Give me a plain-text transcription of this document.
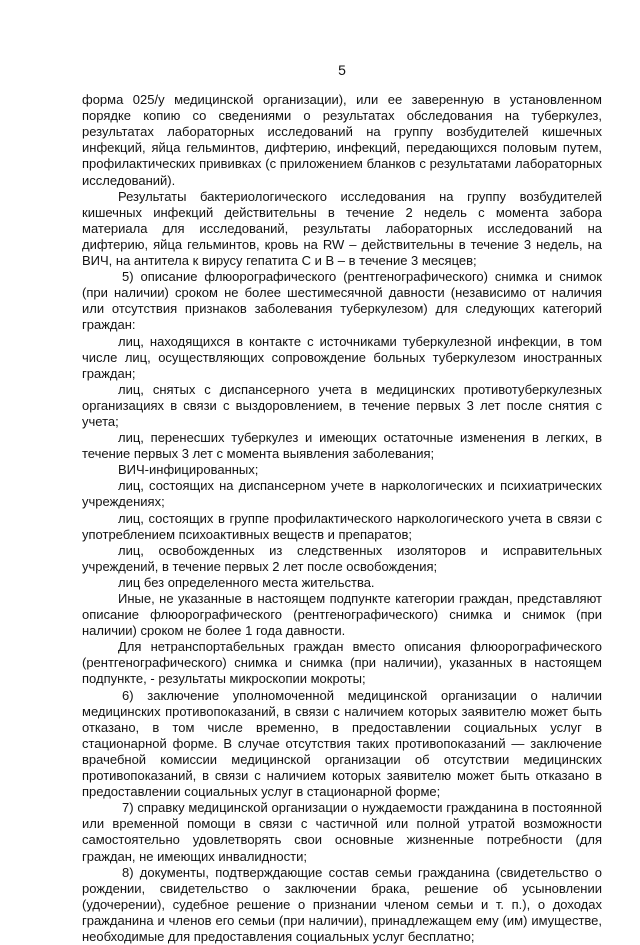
5

форма 025/у медицинской организации), или ее заверенную в установленном порядке копию со сведениями о результатах обследования на туберкулез, результатах лабораторных исследований на группу возбудителей кишечных инфекций, яйца гельминтов, дифтерию, инфекций, передающихся половым путем, профилактических прививках (с приложением бланков с результатами лабораторных исследований).

Результаты бактериологического исследования на группу возбудителей кишечных инфекций действительны в течение 2 недель с момента забора материала для исследований, результаты лабораторных исследований на дифтерию, яйца гельминтов, кровь на RW – действительны в течение 3 недель, на ВИЧ, на антитела к вирусу гепатита С и В – в течение 3 месяцев;

5) описание флюорографического (рентгенографического) снимка и снимок (при наличии) сроком не более шестимесячной давности (независимо от наличия или отсутствия признаков заболевания туберкулезом) для следующих категорий граждан:

лиц, находящихся в контакте с источниками туберкулезной инфекции, в том числе лиц, осуществляющих сопровождение больных туберкулезом иностранных граждан;

лиц, снятых с диспансерного учета в медицинских противотуберкулезных организациях в связи с выздоровлением, в течение первых 3 лет после снятия с учета;

лиц, перенесших туберкулез и имеющих остаточные изменения в легких, в течение первых 3 лет с момента выявления заболевания;

ВИЧ-инфицированных;

лиц, состоящих на диспансерном учете в наркологических и психиатрических учреждениях;

лиц, состоящих в группе профилактического наркологического учета в связи с употреблением психоактивных веществ и препаратов;

лиц, освобожденных из следственных изоляторов и исправительных учреждений, в течение первых 2 лет после освобождения;

лиц без определенного места жительства.

Иные, не указанные в настоящем подпункте категории граждан, представляют описание флюорографического (рентгенографического) снимка и снимок (при наличии) сроком не более 1 года давности.

Для нетранспортабельных граждан вместо описания флюорографического (рентгенографического) снимка и снимка (при наличии), указанных в настоящем подпункте, - результаты микроскопии мокроты;

6) заключение уполномоченной медицинской организации о наличии медицинских противопоказаний, в связи с наличием которых заявителю может быть отказано, в том числе временно, в предоставлении социальных услуг в стационарной форме. В случае отсутствия таких противопоказаний — заключение врачебной комиссии медицинской организации об отсутствии медицинских противопоказаний, в связи с наличием которых заявителю может быть отказано в предоставлении социальных услуг в стационарной форме;

7) справку медицинской организации о нуждаемости гражданина в постоянной или временной помощи в связи с частичной или полной утратой возможности самостоятельно удовлетворять свои основные жизненные потребности (для граждан, не имеющих инвалидности;

8) документы, подтверждающие состав семьи гражданина (свидетельство о рождении, свидетельство о заключении брака, решение об усыновлении (удочерении), судебное решение о признании членом семьи и т. п.), о доходах гражданина и членов его семьи (при наличии), принадлежащем ему (им) имуществе, необходимые для предоставления социальных услуг бесплатно;
